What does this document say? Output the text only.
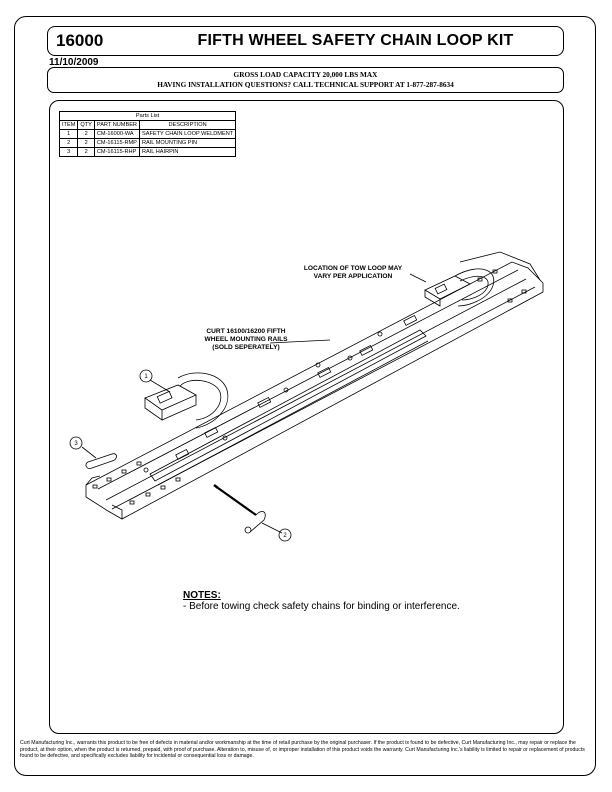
16000	FIFTH WHEEL SAFETY CHAIN LOOP KIT
11/10/2009
GROSS LOAD CAPACITY 20,000 LBS MAX
HAVING INSTALLATION QUESTIONS? CALL TECHNICAL SUPPORT AT 1-877-287-8634
Parts List			
ITEM	QTY	PART NUMBER	DESCRIPTION
1	2	CM-16000-WA	SAFETY CHAIN LOOP WELDMENT
2	2	CM-16115-RMP	RAIL MOUNTING PIN
3	2	CM-16115-RHP	RAIL HAIRPIN
1
3
2
LOCATION OF TOW LOOP MAY
VARY PER APPLICATION
CURT 16100/16200 FIFTH
WHEEL MOUNTING RAILS
(SOLD SEPERATELY)
NOTES:
- Before towing check safety chains for binding or interference.
Curt Manufacturing Inc., warrants this product to be free of defects in material and/or workmanship at the time of retail purchase by the original purchaser. If the product is found to be defective, Curt Manufacturing Inc., may repair or replace the product, at their option, when the product is returned, prepaid, with proof of purchase. Alteration to, misuse of, or improper installation of this product voids the warranty. Curt Manufacturing Inc.'s liability is limited to repair or replacement of products found to be defective, and specifically excludes liability for incidental or consequential loss or damage.
